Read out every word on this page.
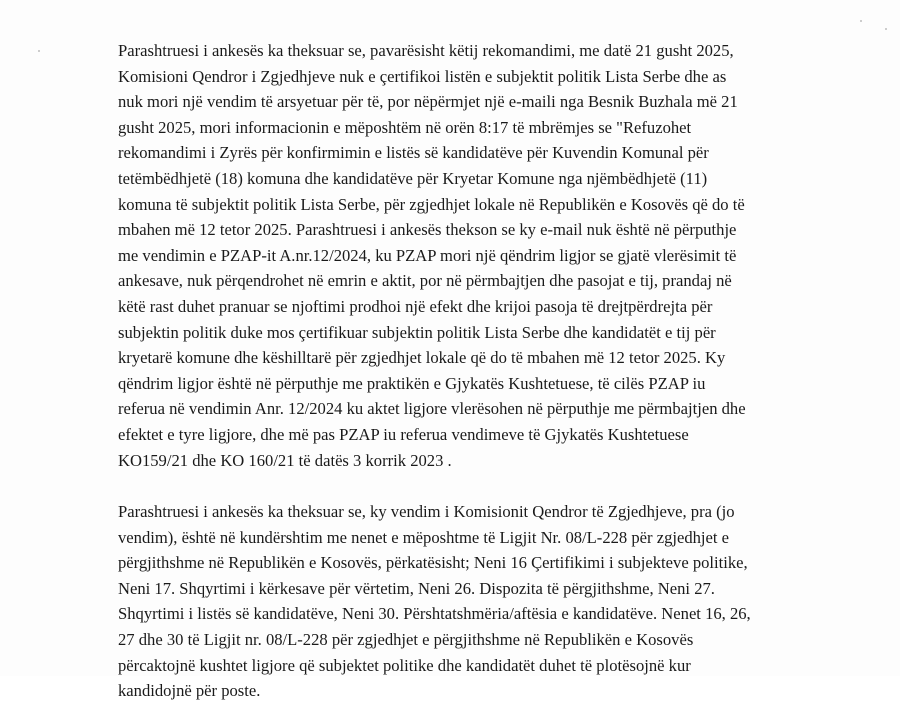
Parashtruesi i ankesës ka theksuar se, pavarësisht këtij rekomandimi, me datë 21 gusht 2025,
Komisioni Qendror i Zgjedhjeve nuk e çertifikoi listën e subjektit politik Lista Serbe dhe as
nuk mori një vendim të arsyetuar për të, por nëpërmjet një e-maili nga Besnik Buzhala më 21
gusht 2025, mori informacionin e mëposhtëm në orën 8:17 të mbrëmjes se "Refuzohet
rekomandimi i Zyrës për konfirmimin e listës së kandidatëve për Kuvendin Komunal për
tetëmbëdhjetë (18) komuna dhe kandidatëve për Kryetar Komune nga njëmbëdhjetë (11)
komuna të subjektit politik Lista Serbe, për zgjedhjet lokale në Republikën e Kosovës që do të
mbahen më 12 tetor 2025. Parashtruesi i ankesës thekson se ky e-mail nuk është në përputhje
me vendimin e PZAP-it A.nr.12/2024, ku PZAP mori një qëndrim ligjor se gjatë vlerësimit të
ankesave, nuk përqendrohet në emrin e aktit, por në përmbajtjen dhe pasojat e tij, prandaj në
këtë rast duhet pranuar se njoftimi prodhoi një efekt dhe krijoi pasoja të drejtpërdrejta për
subjektin politik duke mos çertifikuar subjektin politik Lista Serbe dhe kandidatët e tij për
kryetarë komune dhe këshilltarë për zgjedhjet lokale që do të mbahen më 12 tetor 2025. Ky
qëndrim ligjor është në përputhje me praktikën e Gjykatës Kushtetuese, të cilës PZAP iu
referua në vendimin Anr. 12/2024 ku aktet ligjore vlerësohen në përputhje me përmbajtjen dhe
efektet e tyre ligjore, dhe më pas PZAP iu referua vendimeve të Gjykatës Kushtetuese
KO159/21 dhe KO 160/21 të datës 3 korrik 2023 .

Parashtruesi i ankesës ka theksuar se, ky vendim i Komisionit Qendror të Zgjedhjeve, pra (jo
vendim), është në kundërshtim me nenet e mëposhtme të Ligjit Nr. 08/L-228 për zgjedhjet e
përgjithshme në Republikën e Kosovës, përkatësisht; Neni 16 Çertifikimi i subjekteve politike,
Neni 17. Shqyrtimi i kërkesave për vërtetim, Neni 26. Dispozita të përgjithshme, Neni 27.
Shqyrtimi i listës së kandidatëve, Neni 30. Përshtatshmëria/aftësia e kandidatëve. Nenet 16, 26,
27 dhe 30 të Ligjit nr. 08/L-228 për zgjedhjet e përgjithshme në Republikën e Kosovës
përcaktojnë kushtet ligjore që subjektet politike dhe kandidatët duhet të plotësojnë kur
kandidojnë për poste.
